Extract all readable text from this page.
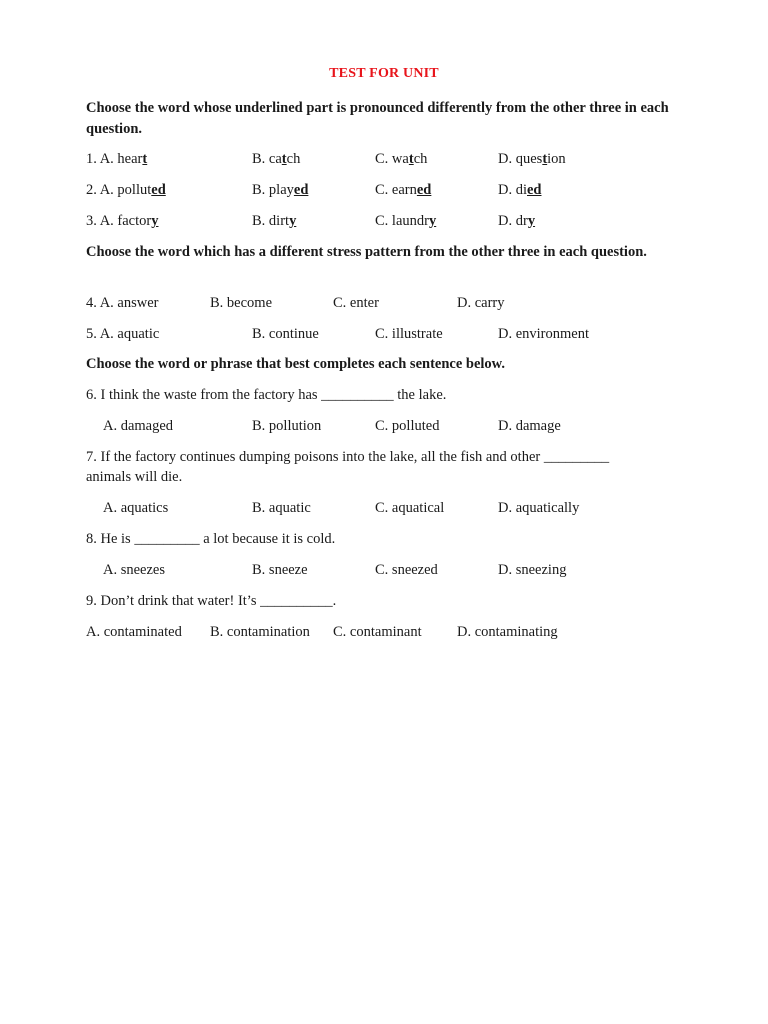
TEST FOR UNIT
Choose the word whose underlined part is pronounced differently from the other three in each question.
1. A. heart	B. catch	C. watch	D. question
2. A. polluted	B. played	C. earned	D. died
3. A. factory	B. dirty	C. laundry	D. dry
Choose the word which has a different stress pattern from the other three in each question.
4. A. answer	B. become	C. enter	D. carry
5. A. aquatic	B. continue	C. illustrate	D. environment
Choose the word or phrase that best completes each sentence below.
6. I think the waste from the factory has __________ the lake.
A. damaged	B. pollution	C. polluted	D. damage
7. If the factory continues dumping poisons into the lake, all the fish and other _________
animals will die.
A. aquatics	B. aquatic	C. aquatical	D. aquatically
8. He is _________ a lot because it is cold.
A. sneezes	B. sneeze	C. sneezed	D. sneezing
9. Don’t drink that water! It’s __________.
A. contaminated B. contamination C. contaminant D. contaminating
